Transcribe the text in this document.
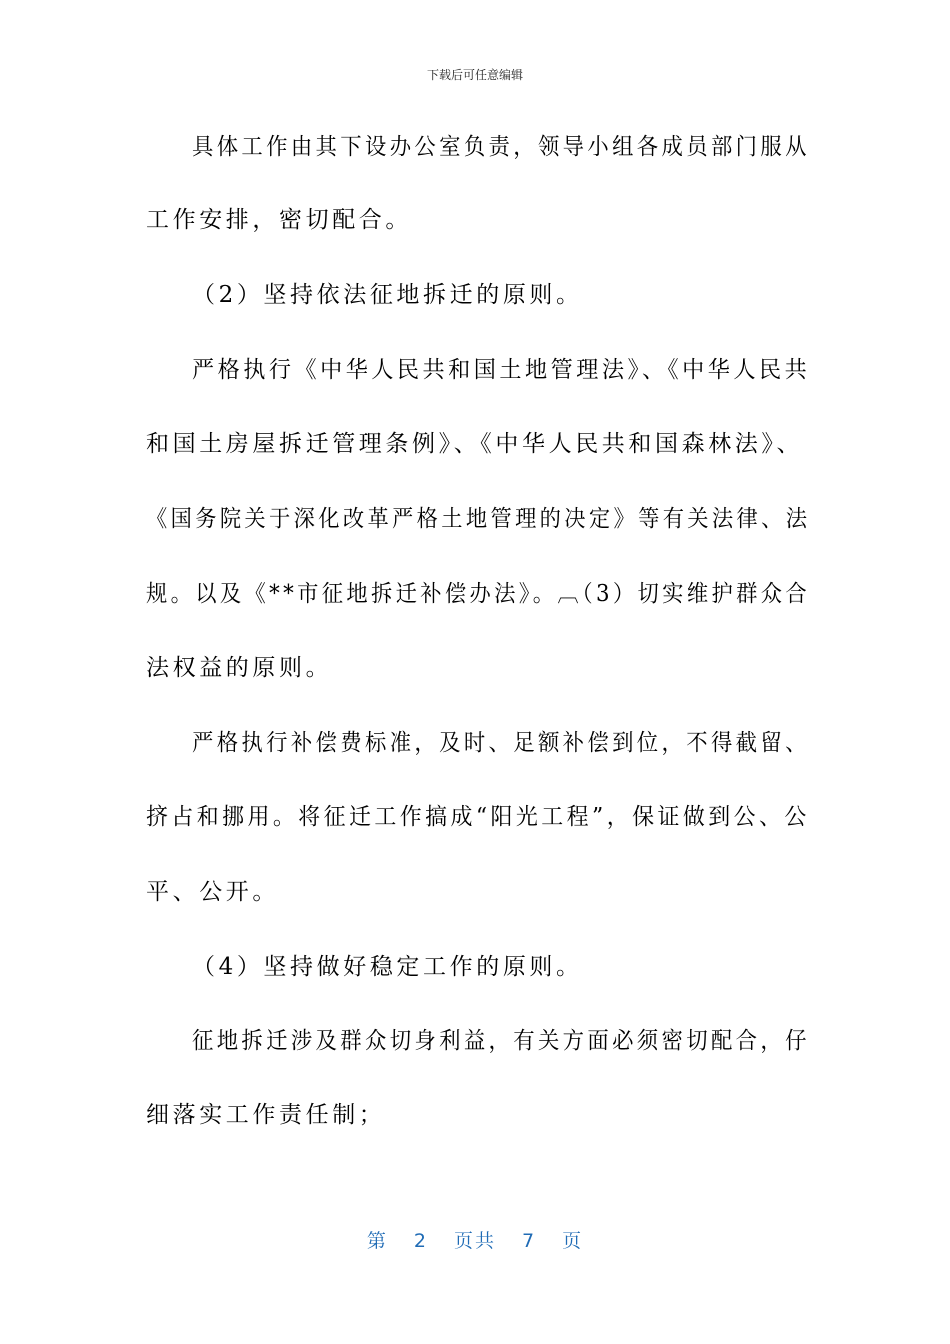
下载后可任意编辑
具体工作由其下设办公室负责，领导小组各成员部门服从
工作安排，密切配合。
（2）坚持依法征地拆迁的原则。
严格执行《中华人民共和国土地管理法》、《中华人民共
和国土房屋拆迁管理条例》、《中华人民共和国森林法》、
《国务院关于深化改革严格土地管理的决定》等有关法律、法
规。以及《**市征地拆迁补偿办法》。︹（3）切实维护群众合
法权益的原则。
严格执行补偿费标准，及时、足额补偿到位，不得截留、
挤占和挪用。将征迁工作搞成“阳光工程”，保证做到公、公
平、公开。
（4）坚持做好稳定工作的原则。
征地拆迁涉及群众切身利益，有关方面必须密切配合，仔
细落实工作责任制；
第 2 页共 7 页
